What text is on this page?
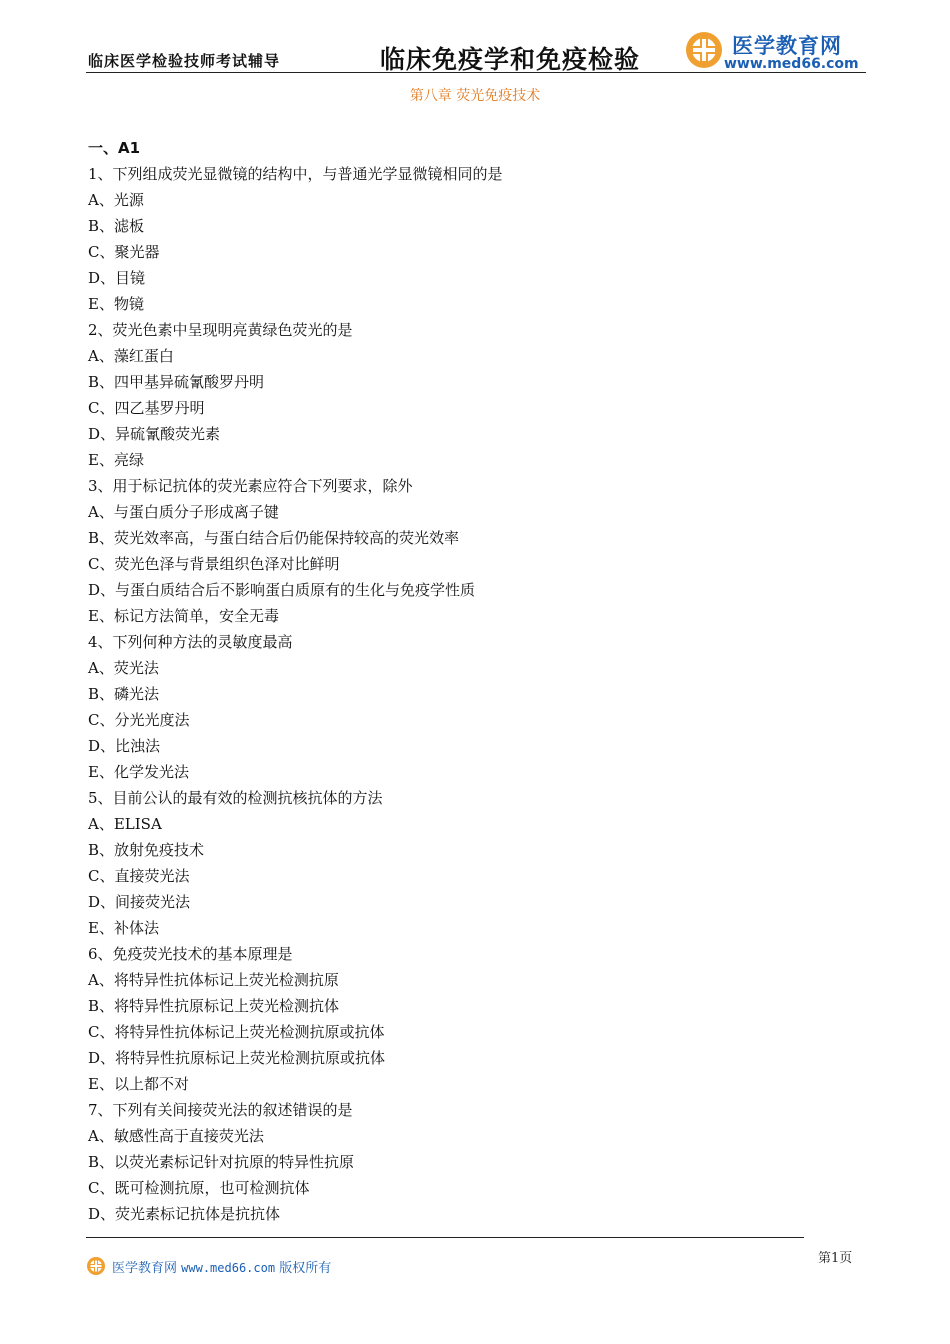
临床医学检验技师考试辅导	临床免疫学和免疫检验	医学教育网
www.med66.com
第八章 荧光免疫技术
一、A1
1、下列组成荧光显微镜的结构中，与普通光学显微镜相同的是
A、光源
B、滤板
C、聚光器
D、目镜
E、物镜
2、荧光色素中呈现明亮黄绿色荧光的是
A、藻红蛋白
B、四甲基异硫氰酸罗丹明
C、四乙基罗丹明
D、异硫氰酸荧光素
E、亮绿
3、用于标记抗体的荧光素应符合下列要求，除外
A、与蛋白质分子形成离子键
B、荧光效率高，与蛋白结合后仍能保持较高的荧光效率
C、荧光色泽与背景组织色泽对比鲜明
D、与蛋白质结合后不影响蛋白质原有的生化与免疫学性质
E、标记方法简单，安全无毒
4、下列何种方法的灵敏度最高
A、荧光法
B、磷光法
C、分光光度法
D、比浊法
E、化学发光法
5、目前公认的最有效的检测抗核抗体的方法
A、ELISA
B、放射免疫技术
C、直接荧光法
D、间接荧光法
E、补体法
6、免疫荧光技术的基本原理是
A、将特异性抗体标记上荧光检测抗原
B、将特异性抗原标记上荧光检测抗体
C、将特异性抗体标记上荧光检测抗原或抗体
D、将特异性抗原标记上荧光检测抗原或抗体
E、以上都不对
7、下列有关间接荧光法的叙述错误的是
A、敏感性高于直接荧光法
B、以荧光素标记针对抗原的特异性抗原
C、既可检测抗原，也可检测抗体
D、荧光素标记抗体是抗抗体
医学教育网 www.med66.com 版权所有
第1页
